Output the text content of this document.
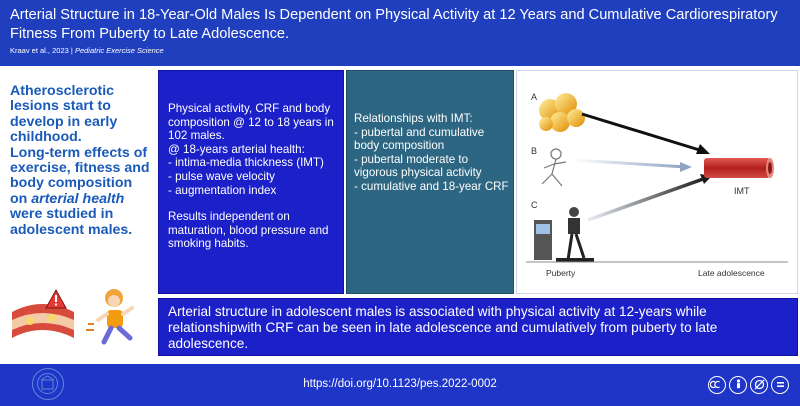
Arterial Structure in 18-Year-Old Males Is Dependent on Physical Activity at 12 Years and Cumulative Cardiorespiratory Fitness From Puberty to Late Adolescence.
Kraav et al., 2023 | Pediatric Exercise Science

Atherosclerotic lesions start to develop in early childhood.

Long-term effects of exercise, fitness and body composition on arterial health were studied in adolescent males.

Physical activity, CRF and body composition @ 12 to 18 years in 102 males.
@ 18-years arterial health:
- intima-media thickness (IMT)
- pulse wave velocity
- augmentation index
Results independent on maturation, blood pressure and smoking habits.
Relationships with IMT:
- pubertal and cumulative body composition
- pubertal moderate to vigorous physical activity
- cumulative and 18-year CRF
A
B
C
IMT
Puberty	Late adolescence
Arterial structure in adolescent males is associated with physical activity at 12-years while relationshipwith CRF can be seen in late adolescence and cumulatively from puberty to late adolescence.
https://doi.org/10.1123/pes.2022-0002
